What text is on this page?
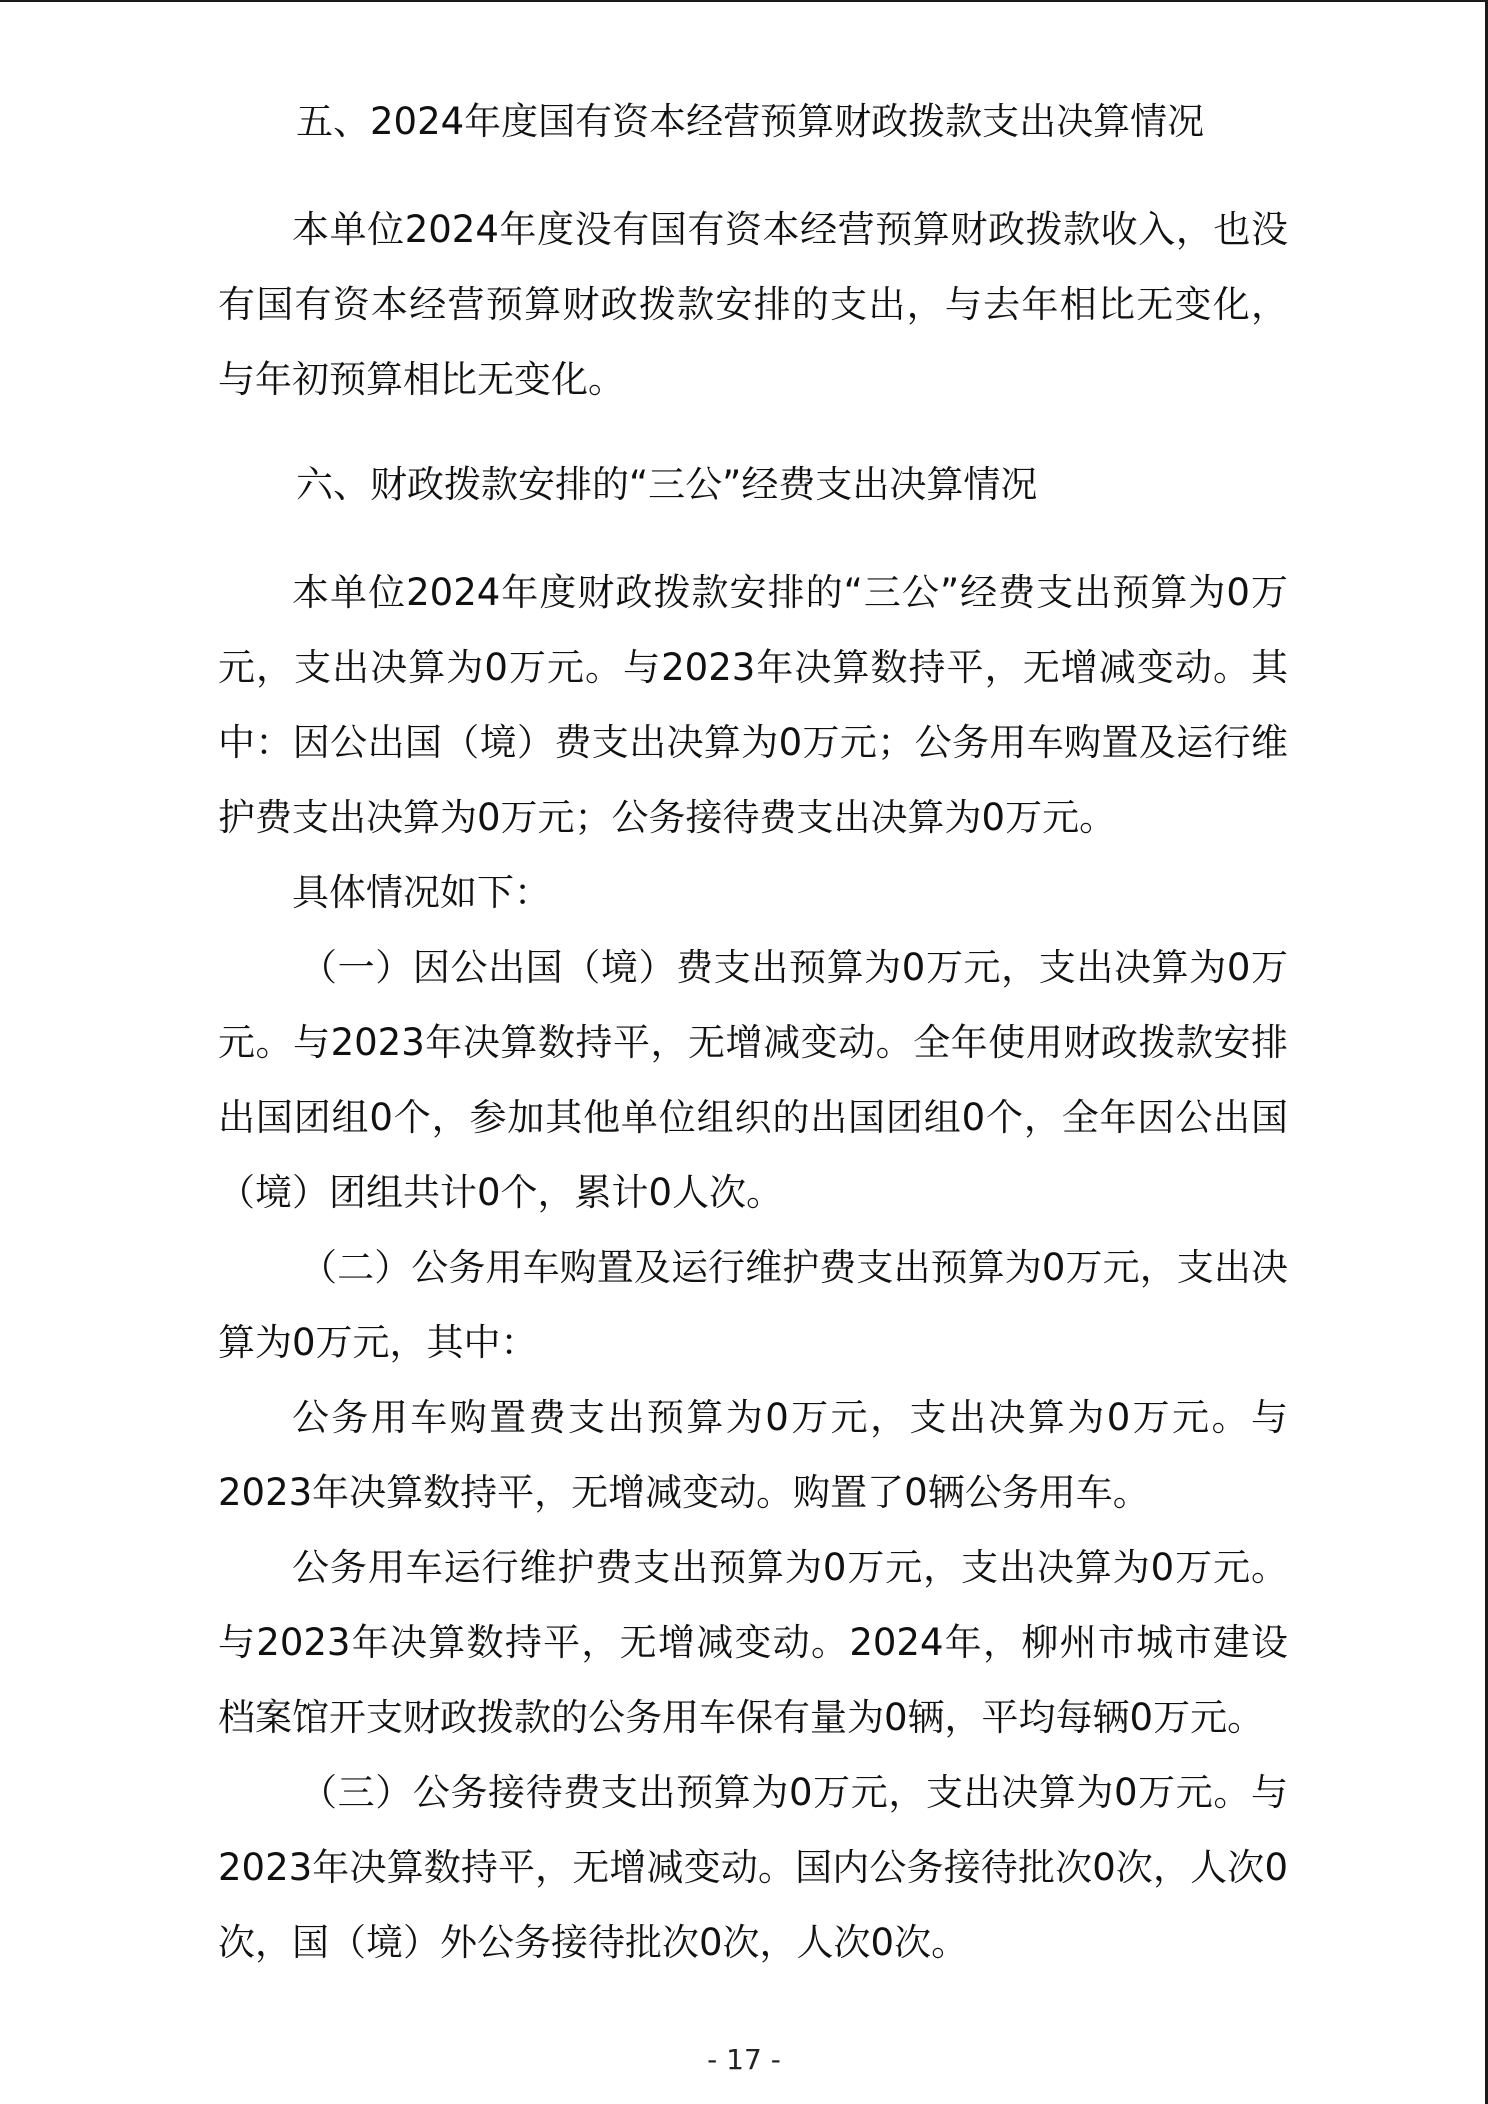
五、2024年度国有资本经营预算财政拨款支出决算情况

本单位2024年度没有国有资本经营预算财政拨款收入，也没有国有资本经营预算财政拨款安排的支出，与去年相比无变化，与年初预算相比无变化。

六、财政拨款安排的“三公”经费支出决算情况

本单位2024年度财政拨款安排的“三公”经费支出预算为0万元，支出决算为0万元。与2023年决算数持平，无增减变动。其中：因公出国（境）费支出决算为0万元；公务用车购置及运行维护费支出决算为0万元；公务接待费支出决算为0万元。

具体情况如下：

（一）因公出国（境）费支出预算为0万元，支出决算为0万元。与2023年决算数持平，无增减变动。全年使用财政拨款安排出国团组0个，参加其他单位组织的出国团组0个，全年因公出国（境）团组共计0个，累计0人次。

（二）公务用车购置及运行维护费支出预算为0万元，支出决算为0万元，其中：

公务用车购置费支出预算为0万元，支出决算为0万元。与2023年决算数持平，无增减变动。购置了0辆公务用车。

公务用车运行维护费支出预算为0万元，支出决算为0万元。与2023年决算数持平，无增减变动。2024年，柳州市城市建设档案馆开支财政拨款的公务用车保有量为0辆，平均每辆0万元。

（三）公务接待费支出预算为0万元，支出决算为0万元。与2023年决算数持平，无增减变动。国内公务接待批次0次，人次0次，国（境）外公务接待批次0次，人次0次。

- 17 -
